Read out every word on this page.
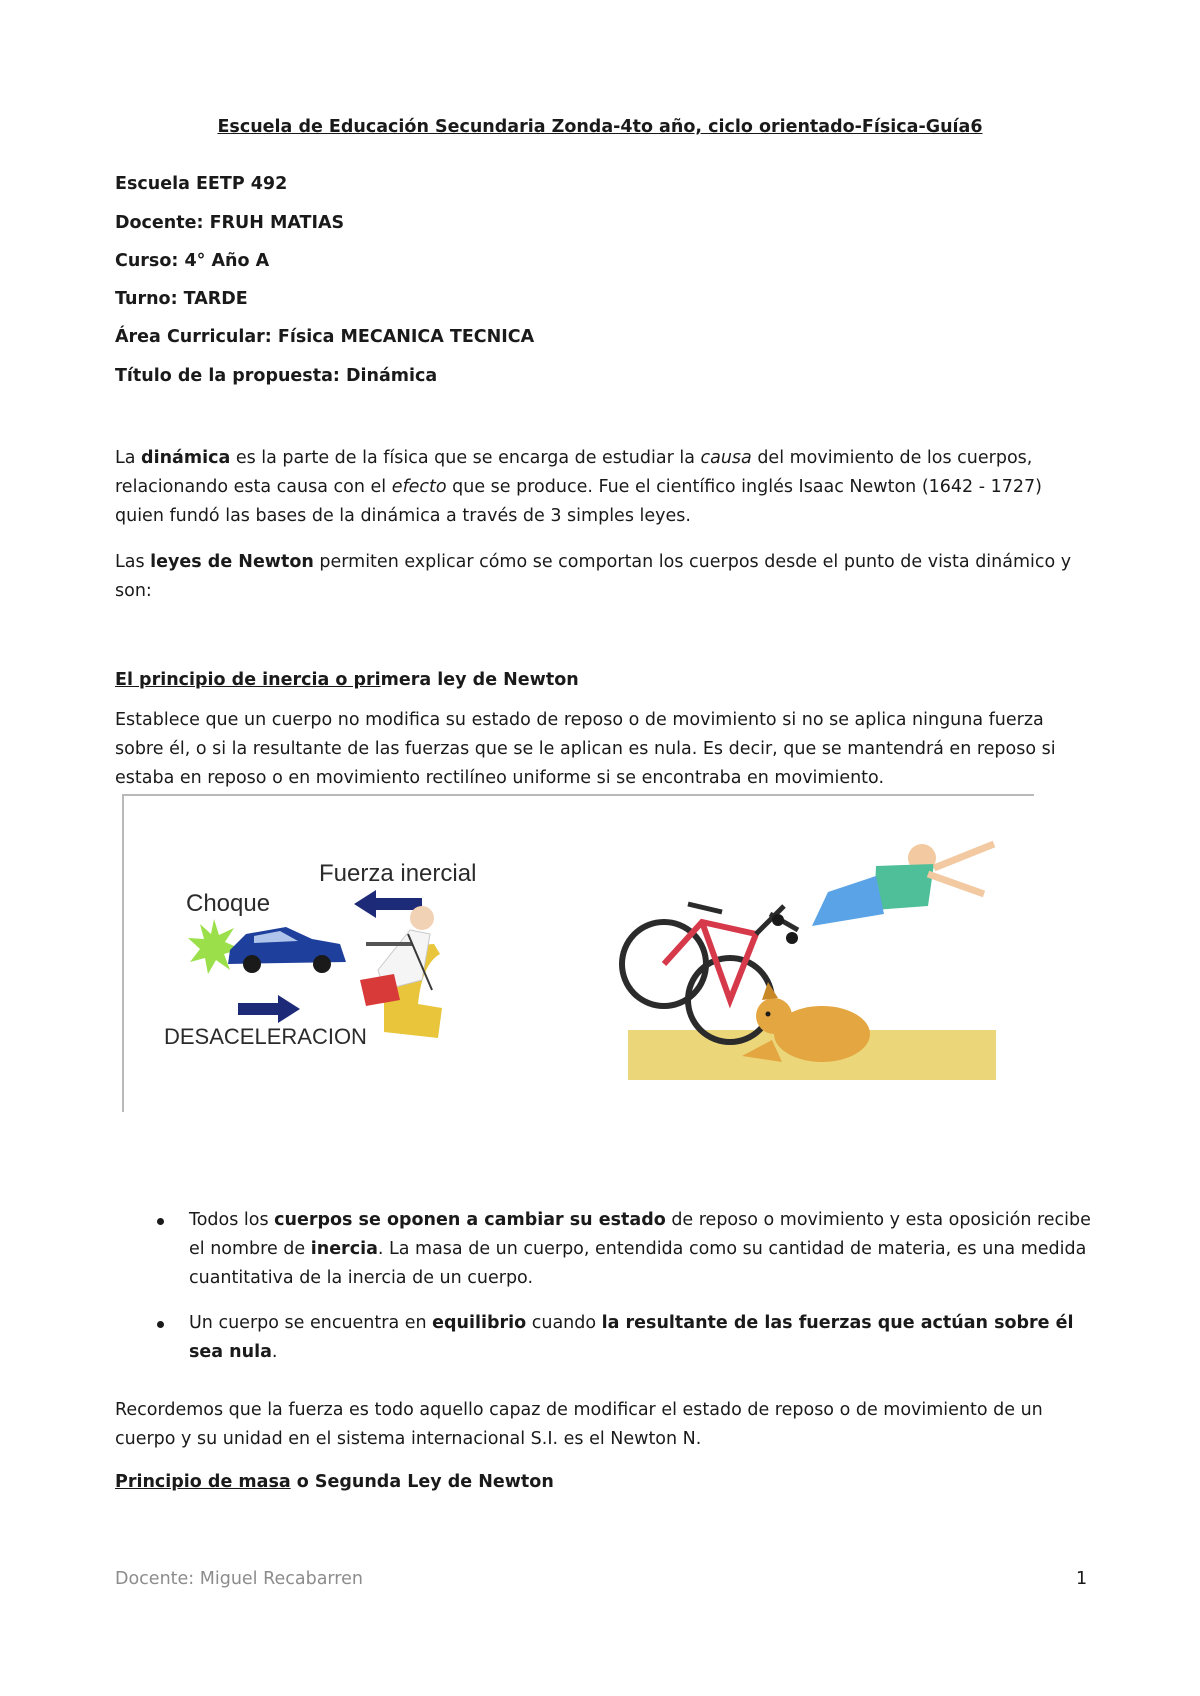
Escuela de Educación Secundaria Zonda-4to año, ciclo orientado-Física-Guía6

Escuela EETP 492

Docente: FRUH MATIAS

Curso: 4° Año A

Turno: TARDE

Área Curricular: Física MECANICA TECNICA

Título de la propuesta: Dinámica

La dinámica es la parte de la física que se encarga de estudiar la causa del movimiento de los cuerpos, relacionando esta causa con el efecto que se produce. Fue el científico inglés Isaac Newton (1642 - 1727) quien fundó las bases de la dinámica a través de 3 simples leyes.

Las leyes de Newton permiten explicar cómo se comportan los cuerpos desde el punto de vista dinámico y son:

El principio de inercia o primera ley de Newton

Establece que un cuerpo no modifica su estado de reposo o de movimiento si no se aplica ninguna fuerza sobre él, o si la resultante de las fuerzas que se le aplican es nula. Es decir, que se mantendrá en reposo si estaba en reposo o en movimiento rectilíneo uniforme si se encontraba en movimiento.

Fuerza inercial
Choque
DESACELERACION
Todos los cuerpos se oponen a cambiar su estado de reposo o movimiento y esta oposición recibe el nombre de inercia. La masa de un cuerpo, entendida como su cantidad de materia, es una medida cuantitativa de la inercia de un cuerpo.
Un cuerpo se encuentra en equilibrio cuando la resultante de las fuerzas que actúan sobre él sea nula.

Recordemos que la fuerza es todo aquello capaz de modificar el estado de reposo o de movimiento de un cuerpo y su unidad en el sistema internacional S.I. es el Newton N.

Principio de masa o Segunda Ley de Newton

Docente: Miguel Recabarren	1
